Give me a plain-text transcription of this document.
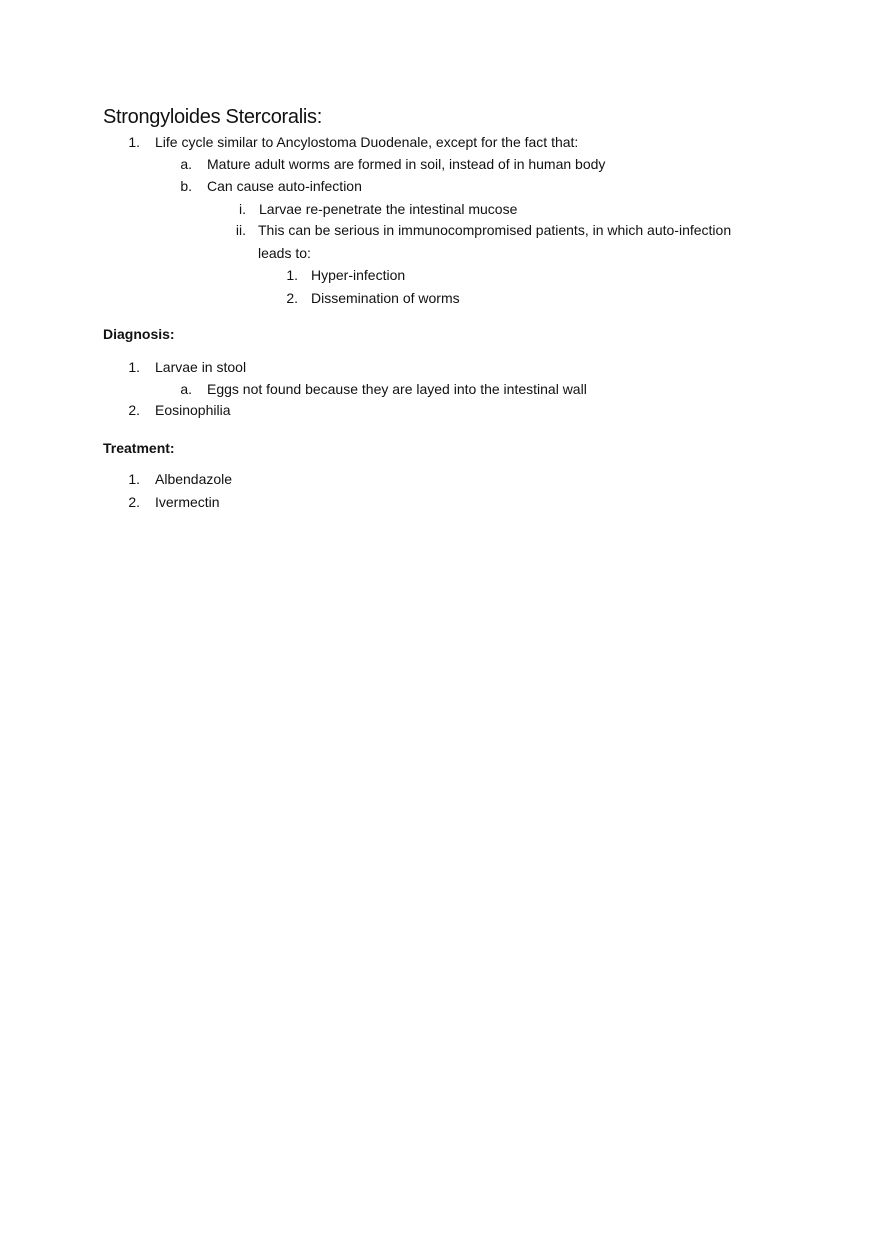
Strongyloides Stercoralis:
1. Life cycle similar to Ancylostoma Duodenale, except for the fact that:
a. Mature adult worms are formed in soil, instead of in human body
b. Can cause auto-infection
i. Larvae re-penetrate the intestinal mucose
ii. This can be serious in immunocompromised patients, in which auto-infection
leads to:
1. Hyper-infection
2. Dissemination of worms
Diagnosis:
1. Larvae in stool
a. Eggs not found because they are layed into the intestinal wall
2. Eosinophilia
Treatment:
1. Albendazole
2. Ivermectin
